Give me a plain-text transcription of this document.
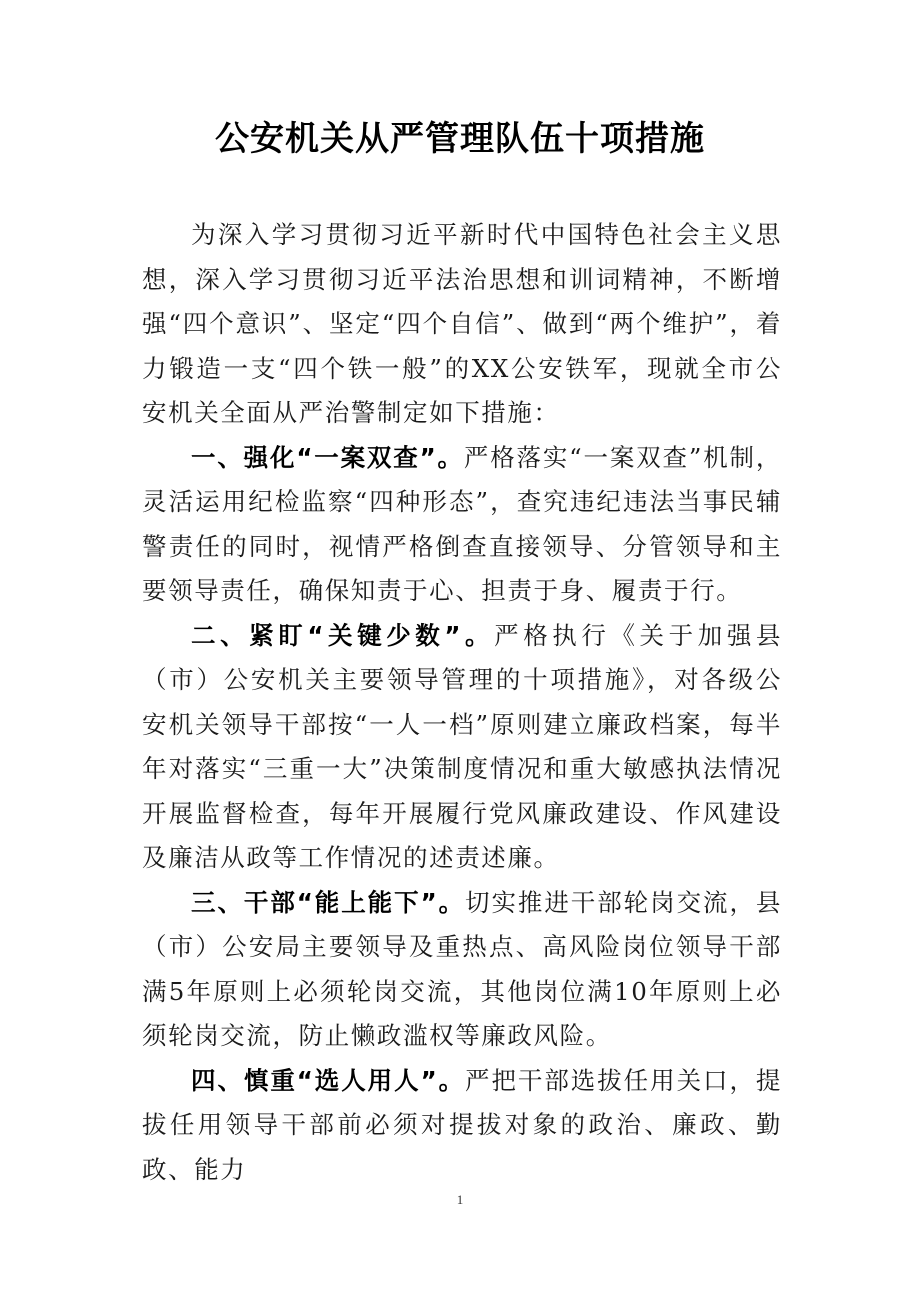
公安机关从严管理队伍十项措施

为深入学习贯彻习近平新时代中国特色社会主义思想，深入学习贯彻习近平法治思想和训词精神，不断增强“四个意识”、坚定“四个自信”、做到“两个维护”，着力锻造一支“四个铁一般”的XX公安铁军，现就全市公安机关全面从严治警制定如下措施：

一、强化“一案双查”。严格落实“一案双查”机制，灵活运用纪检监察“四种形态”，查究违纪违法当事民辅警责任的同时，视情严格倒查直接领导、分管领导和主要领导责任，确保知责于心、担责于身、履责于行。

二、紧盯“关键少数”。严格执行《关于加强县（市）公安机关主要领导管理的十项措施》，对各级公安机关领导干部按“一人一档”原则建立廉政档案，每半年对落实“三重一大”决策制度情况和重大敏感执法情况开展监督检查，每年开展履行党风廉政建设、作风建设及廉洁从政等工作情况的述责述廉。

三、干部“能上能下”。切实推进干部轮岗交流，县（市）公安局主要领导及重热点、高风险岗位领导干部满5年原则上必须轮岗交流，其他岗位满10年原则上必须轮岗交流，防止懒政滥权等廉政风险。

四、慎重“选人用人”。严把干部选拔任用关口，提拔任用领导干部前必须对提拔对象的政治、廉政、勤政、能力

1
